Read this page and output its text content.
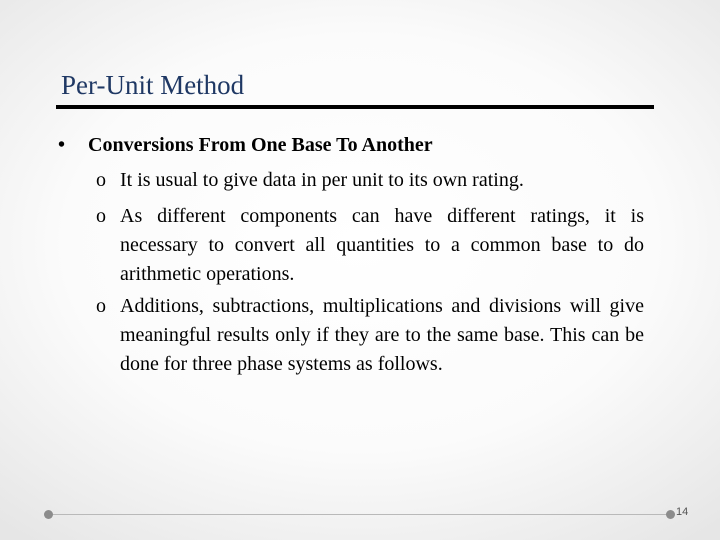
Per-Unit Method
• Conversions From One Base To Another
o It is usual to give data in per unit to its own rating.
o As different components can have different ratings, it is necessary to convert all quantities to a common base to do arithmetic operations.
o Additions, subtractions, multiplications and divisions will give meaningful results only if they are to the same base. This can be done for three phase systems as follows.
14
